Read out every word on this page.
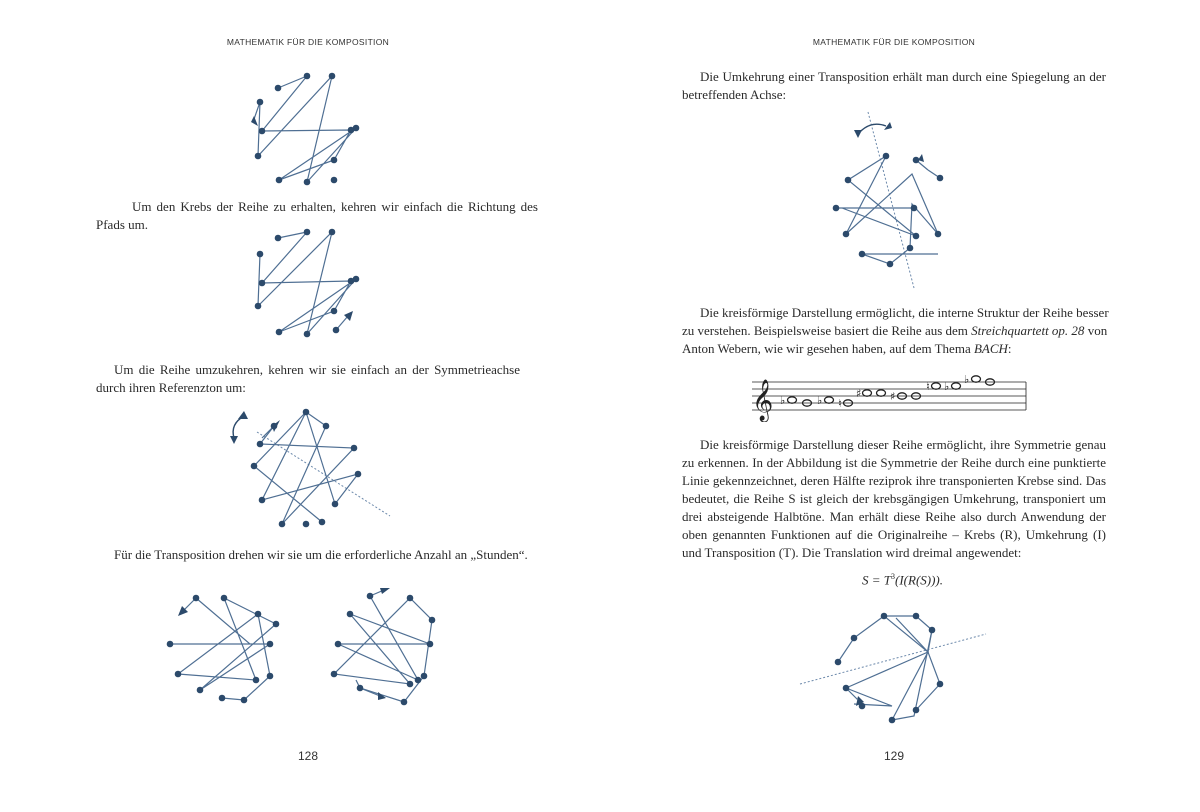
MATHEMATIK FÜR DIE KOMPOSITION
Um den Krebs der Reihe zu erhalten, kehren wir einfach die Richtung des
Pfads um.
Um die Reihe umzukehren, kehren wir sie einfach an der Symmetrieachse
durch ihren Referenzton um:
Für die Transposition drehen wir sie um die erforderliche Anzahl an „Stunden“.
128
MATHEMATIK FÜR DIE KOMPOSITION
Die Umkehrung einer Transposition erhält man durch eine Spiegelung an der
betreffenden Achse:
Die kreisförmige Darstellung ermöglicht, die interne Struktur der Reihe besser
zu verstehen. Beispielsweise basiert die Reihe aus dem Streichquartett op. 28 von
Anton Webern, wie wir gesehen haben, auf dem Thema BACH:
𝄞 ♭	♭ ♮
♯	♯
♮ ♭
♭
Die kreisförmige Darstellung dieser Reihe ermöglicht, ihre Symmetrie genau
zu erkennen. In der Abbildung ist die Symmetrie der Reihe durch eine punktierte
Linie gekennzeichnet, deren Hälfte reziprok ihre transponierten Krebse sind. Das
bedeutet, die Reihe S ist gleich der krebsgängigen Umkehrung, transponiert um
drei absteigende Halbtöne. Man erhält diese Reihe also durch Anwendung der
oben genannten Funktionen auf die Originalreihe – Krebs (R), Umkehrung (I)
und Transposition (T). Die Translation wird dreimal angewendet:
$S = T^3(I(R(S)))$.
129
